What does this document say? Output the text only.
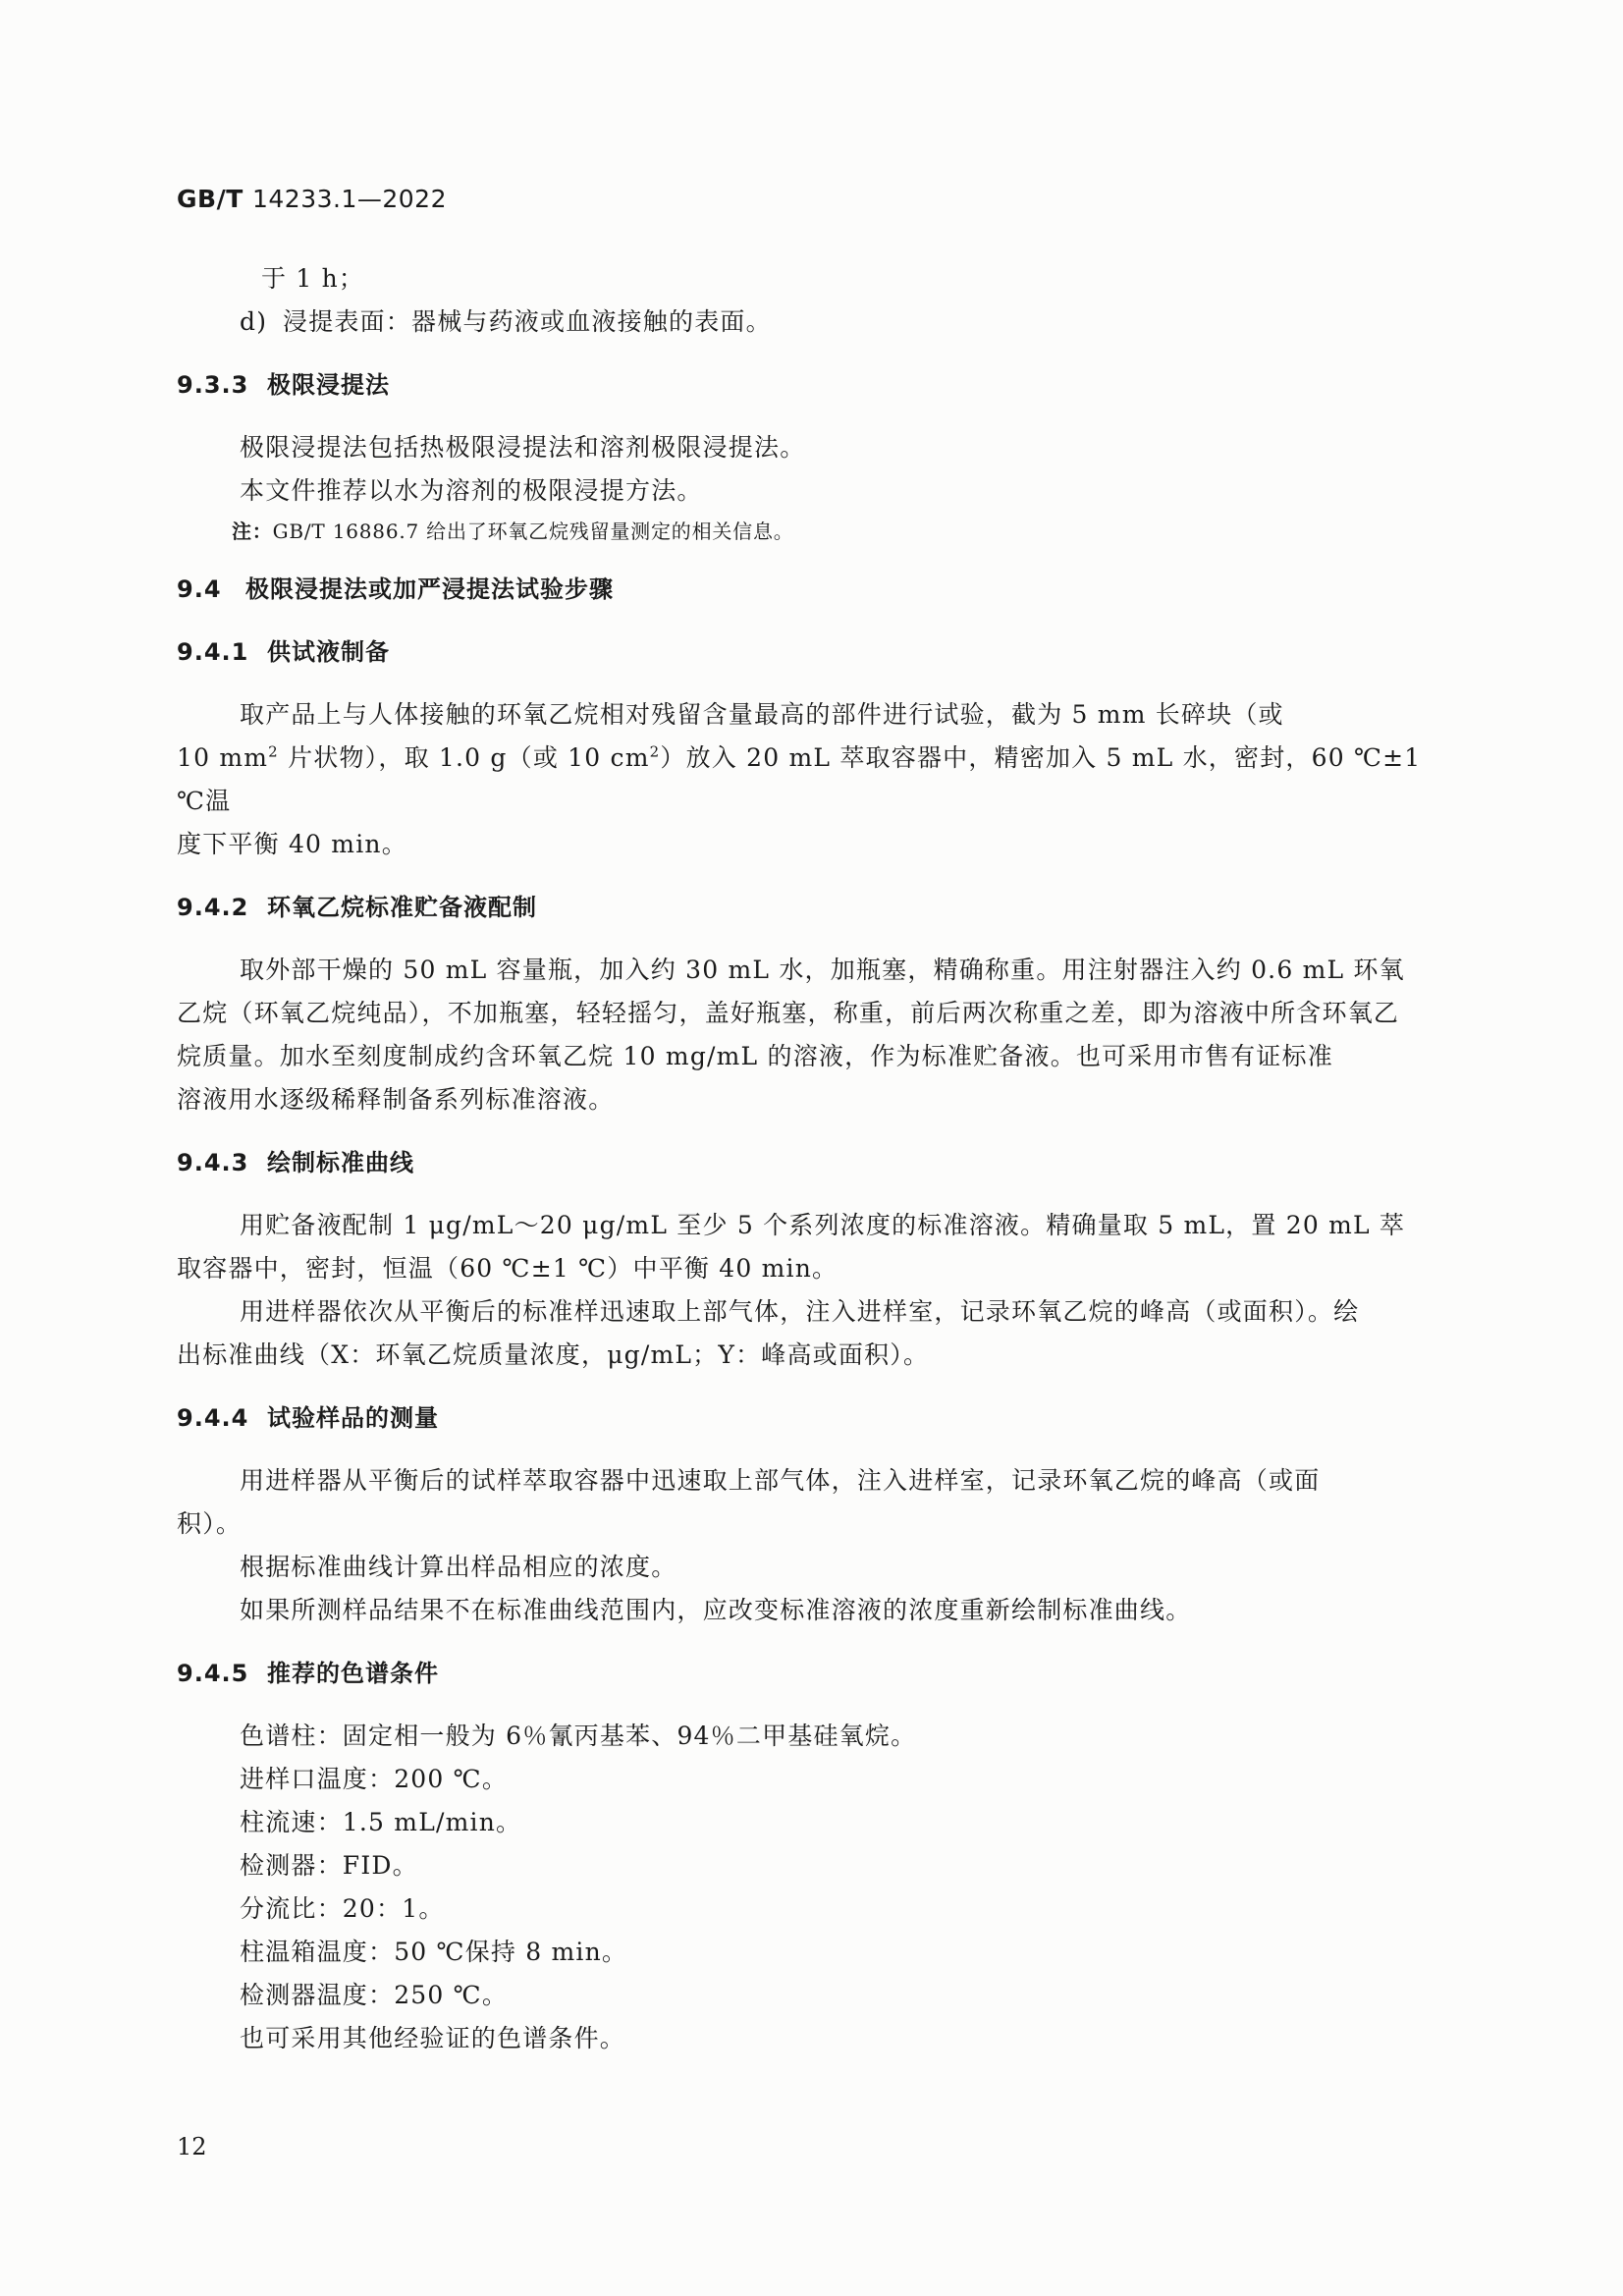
GB/T 14233.1—2022

于 1 h；

d) 浸提表面：器械与药液或血液接触的表面。

9.3.3 极限浸提法

极限浸提法包括热极限浸提法和溶剂极限浸提法。

本文件推荐以水为溶剂的极限浸提方法。

注：GB/T 16886.7 给出了环氧乙烷残留量测定的相关信息。

9.4 极限浸提法或加严浸提法试验步骤
9.4.1 供试液制备

取产品上与人体接触的环氧乙烷相对残留含量最高的部件进行试验，截为 5 mm 长碎块（或

10 $mm^2$ 片状物），取 1.0 g（或 10 $cm^2$）放入 20 mL 萃取容器中，精密加入 5 mL 水，密封，60 ℃±1 ℃温

度下平衡 40 min。

9.4.2 环氧乙烷标准贮备液配制

取外部干燥的 50 mL 容量瓶，加入约 30 mL 水，加瓶塞，精确称重。用注射器注入约 0.6 mL 环氧

乙烷（环氧乙烷纯品），不加瓶塞，轻轻摇匀，盖好瓶塞，称重，前后两次称重之差，即为溶液中所含环氧乙

烷质量。加水至刻度制成约含环氧乙烷 10 mg/mL 的溶液，作为标准贮备液。也可采用市售有证标准

溶液用水逐级稀释制备系列标准溶液。

9.4.3 绘制标准曲线

用贮备液配制 1 μg/mL～20 μg/mL 至少 5 个系列浓度的标准溶液。精确量取 5 mL，置 20 mL 萃

取容器中，密封，恒温（60 ℃±1 ℃）中平衡 40 min。

用进样器依次从平衡后的标准样迅速取上部气体，注入进样室，记录环氧乙烷的峰高（或面积）。绘

出标准曲线（X：环氧乙烷质量浓度，μg/mL；Y：峰高或面积）。

9.4.4 试验样品的测量

用进样器从平衡后的试样萃取容器中迅速取上部气体，注入进样室，记录环氧乙烷的峰高（或面

积）。

根据标准曲线计算出样品相应的浓度。

如果所测样品结果不在标准曲线范围内，应改变标准溶液的浓度重新绘制标准曲线。

9.4.5 推荐的色谱条件

色谱柱：固定相一般为 6％氰丙基苯、94％二甲基硅氧烷。

进样口温度：200 ℃。

柱流速：1.5 mL/min。

检测器：FID。

分流比：20：1。

柱温箱温度：50 ℃保持 8 min。

检测器温度：250 ℃。

也可采用其他经验证的色谱条件。

12
